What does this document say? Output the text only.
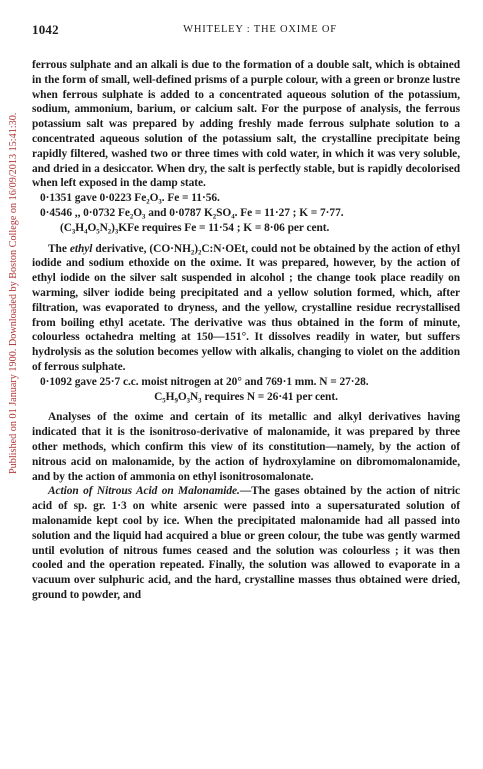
1042	WHITELEY : THE OXIME OF
Published on 01 January 1900. Downloaded by Boston College on 16/09/2013 15:41:30.

ferrous sulphate and an alkali is due to the formation of a double salt, which is obtained in the form of small, well-defined prisms of a purple colour, with a green or bronze lustre when ferrous sulphate is added to a concentrated aqueous solution of the potassium, sodium, ammonium, barium, or calcium salt. For the purpose of analysis, the ferrous potassium salt was prepared by adding freshly made ferrous sulphate solution to a concentrated aqueous solution of the potassium salt, the crystalline precipitate being rapidly filtered, washed two or three times with cold water, in which it was very soluble, and dried in a desiccator. When dry, the salt is perfectly stable, but is rapidly decolorised when left exposed in the damp state.

0·1351 gave 0·0223 Fe₂O₃. Fe = 11·56.

0·4546 ,, 0·0732 Fe₂O₃ and 0·0787 K₂SO₄. Fe = 11·27 ; K = 7·77.

(C₃H₄O₅N₂)₃KFe requires Fe = 11·54 ; K = 8·06 per cent.

The ethyl derivative, (CO·NH₂)₂C:N·OEt, could not be obtained by the action of ethyl iodide and sodium ethoxide on the oxime. It was prepared, however, by the action of ethyl iodide on the silver salt suspended in alcohol ; the change took place readily on warming, silver iodide being precipitated and a yellow solution formed, which, after filtration, was evaporated to dryness, and the yellow, crystalline residue recrystallised from boiling ethyl acetate. The derivative was thus obtained in the form of minute, colourless octahedra melting at 150—151°. It dissolves readily in water, but suffers hydrolysis as the solution becomes yellow with alkalis, changing to violet on the addition of ferrous sulphate.

0·1092 gave 25·7 c.c. moist nitrogen at 20° and 769·1 mm. N = 27·28.

C₅H₉O₃N₃ requires N = 26·41 per cent.

Analyses of the oxime and certain of its metallic and alkyl derivatives having indicated that it is the isonitroso-derivative of malonamide, it was prepared by three other methods, which confirm this view of its constitution—namely, by the action of nitrous acid on malonamide, by the action of hydroxylamine on dibromomalonamide, and by the action of ammonia on ethyl isonitrosomalonate.

Action of Nitrous Acid on Malonamide.—The gases obtained by the action of nitric acid of sp. gr. 1·3 on white arsenic were passed into a supersaturated solution of malonamide kept cool by ice. When the precipitated malonamide had all passed into solution and the liquid had acquired a blue or green colour, the tube was gently warmed until evolution of nitrous fumes ceased and the solution was colourless ; it was then cooled and the operation repeated. Finally, the solution was allowed to evaporate in a vacuum over sulphuric acid, and the hard, crystalline masses thus obtained were dried, ground to powder, and
